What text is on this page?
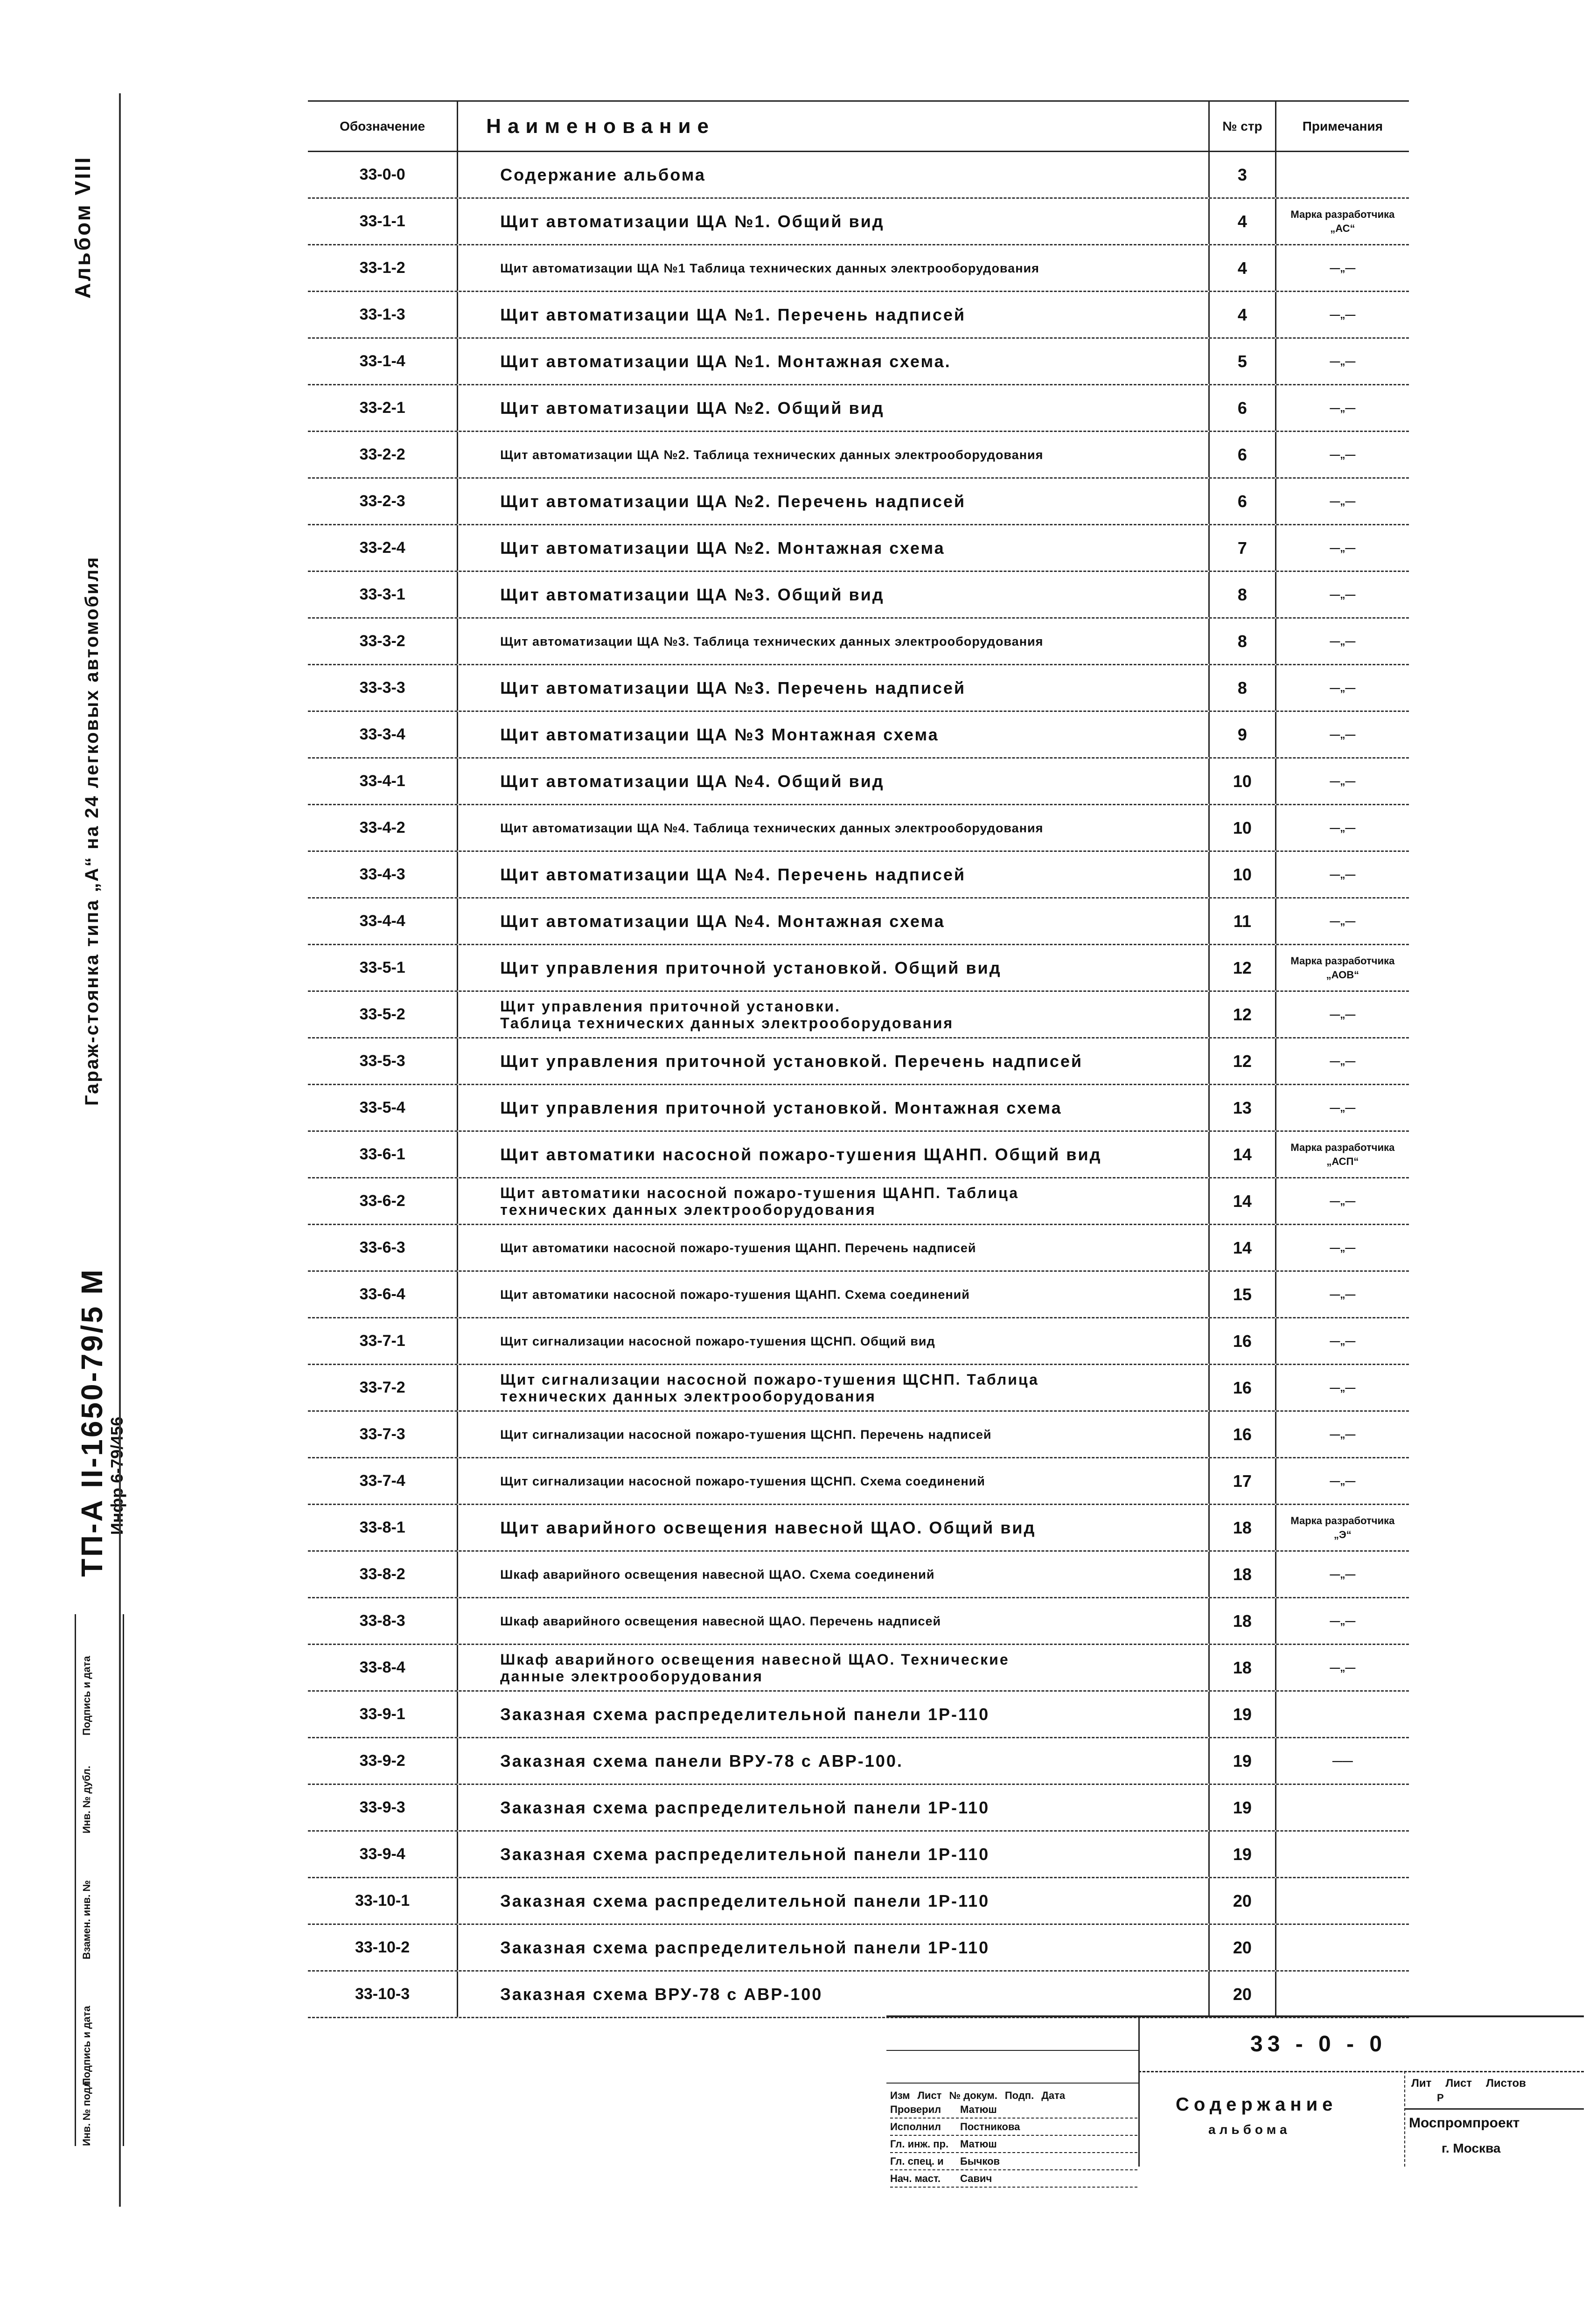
Альбом VIII
Гараж-стоянка типа „А“ на 24 легковых автомобиля
ТП-А II-1650-79/5 М
Инфр 6-79/456
Подпись и дата
Инв. № дубл.
Взамен. инв. №
Подпись и дата
Инв. № подл.
Обозначение	Наименование	№ стр	Примечания
33-0-0	Содержание альбома	3
33-1-1	Щит автоматизации ЩА №1. Общий вид	4	Марка разработчика
„АС“
33-1-2	Щит автоматизации ЩА №1 Таблица технических данных электрооборудования	4	—„—
33-1-3	Щит автоматизации ЩА №1. Перечень надписей	4	—„—
33-1-4	Щит автоматизации ЩА №1. Монтажная схема.	5	—„—
33-2-1	Щит автоматизации ЩА №2. Общий вид	6	—„—
33-2-2	Щит автоматизации ЩА №2. Таблица технических данных электрооборудования	6	—„—
33-2-3	Щит автоматизации ЩА №2. Перечень надписей	6	—„—
33-2-4	Щит автоматизации ЩА №2. Монтажная схема	7	—„—
33-3-1	Щит автоматизации ЩА №3. Общий вид	8	—„—
33-3-2	Щит автоматизации ЩА №3. Таблица технических данных электрооборудования	8	—„—
33-3-3	Щит автоматизации ЩА №3. Перечень надписей	8	—„—
33-3-4	Щит автоматизации ЩА №3 Монтажная схема	9	—„—
33-4-1	Щит автоматизации ЩА №4. Общий вид	10	—„—
33-4-2	Щит автоматизации ЩА №4. Таблица технических данных электрооборудования	10	—„—
33-4-3	Щит автоматизации ЩА №4. Перечень надписей	10	—„—
33-4-4	Щит автоматизации ЩА №4. Монтажная схема	11	—„—
33-5-1	Щит управления приточной установкой. Общий вид	12	Марка разработчика
„АОВ“
33-5-2	Щит управления приточной установки.
Таблица технических данных электрооборудования	12	—„—
33-5-3	Щит управления приточной установкой. Перечень надписей	12	—„—
33-5-4	Щит управления приточной установкой. Монтажная схема	13	—„—
33-6-1	Щит автоматики насосной пожаро-тушения ЩАНП. Общий вид	14	Марка разработчика
„АСП“
33-6-2	Щит автоматики насосной пожаро-тушения ЩАНП. Таблица
технических данных электрооборудования	14	—„—
33-6-3	Щит автоматики насосной пожаро-тушения ЩАНП. Перечень надписей	14	—„—
33-6-4	Щит автоматики насосной пожаро-тушения ЩАНП. Схема соединений	15	—„—
33-7-1	Щит сигнализации насосной пожаро-тушения ЩСНП. Общий вид	16	—„—
33-7-2	Щит сигнализации насосной пожаро-тушения ЩСНП. Таблица
технических данных электрооборудования	16	—„—
33-7-3	Щит сигнализации насосной пожаро-тушения ЩСНП. Перечень надписей	16	—„—
33-7-4	Щит сигнализации насосной пожаро-тушения ЩСНП. Схема соединений	17	—„—
33-8-1	Щит аварийного освещения навесной ЩАО. Общий вид	18	Марка разработчика
„Э“
33-8-2	Шкаф аварийного освещения навесной ЩАО. Схема соединений	18	—„—
33-8-3	Шкаф аварийного освещения навесной ЩАО. Перечень надписей	18	—„—
33-8-4	Шкаф аварийного освещения навесной ЩАО. Технические
данные электрооборудования	18	—„—
33-9-1	Заказная схема распределительной панели 1Р-110	19
33-9-2	Заказная схема панели ВРУ-78 с АВР-100.	19	——
33-9-3	Заказная схема распределительной панели 1Р-110	19
33-9-4	Заказная схема распределительной панели 1Р-110	19
33-10-1	Заказная схема распределительной панели 1Р-110	20
33-10-2	Заказная схема распределительной панели 1Р-110	20
33-10-3	Заказная схема ВРУ-78 с АВР-100	20
Изм Лист № докум. Подп. Дата
Проверил	Матюш
Исполнил	Постникова
Гл. инж. пр.	Матюш
Гл. спец. и	Бычков
Нач. маст.	Савич
33 - 0 - 0
Содержание
альбома
Лит Лист Листов
Р
Моспромпроект
г. Москва
